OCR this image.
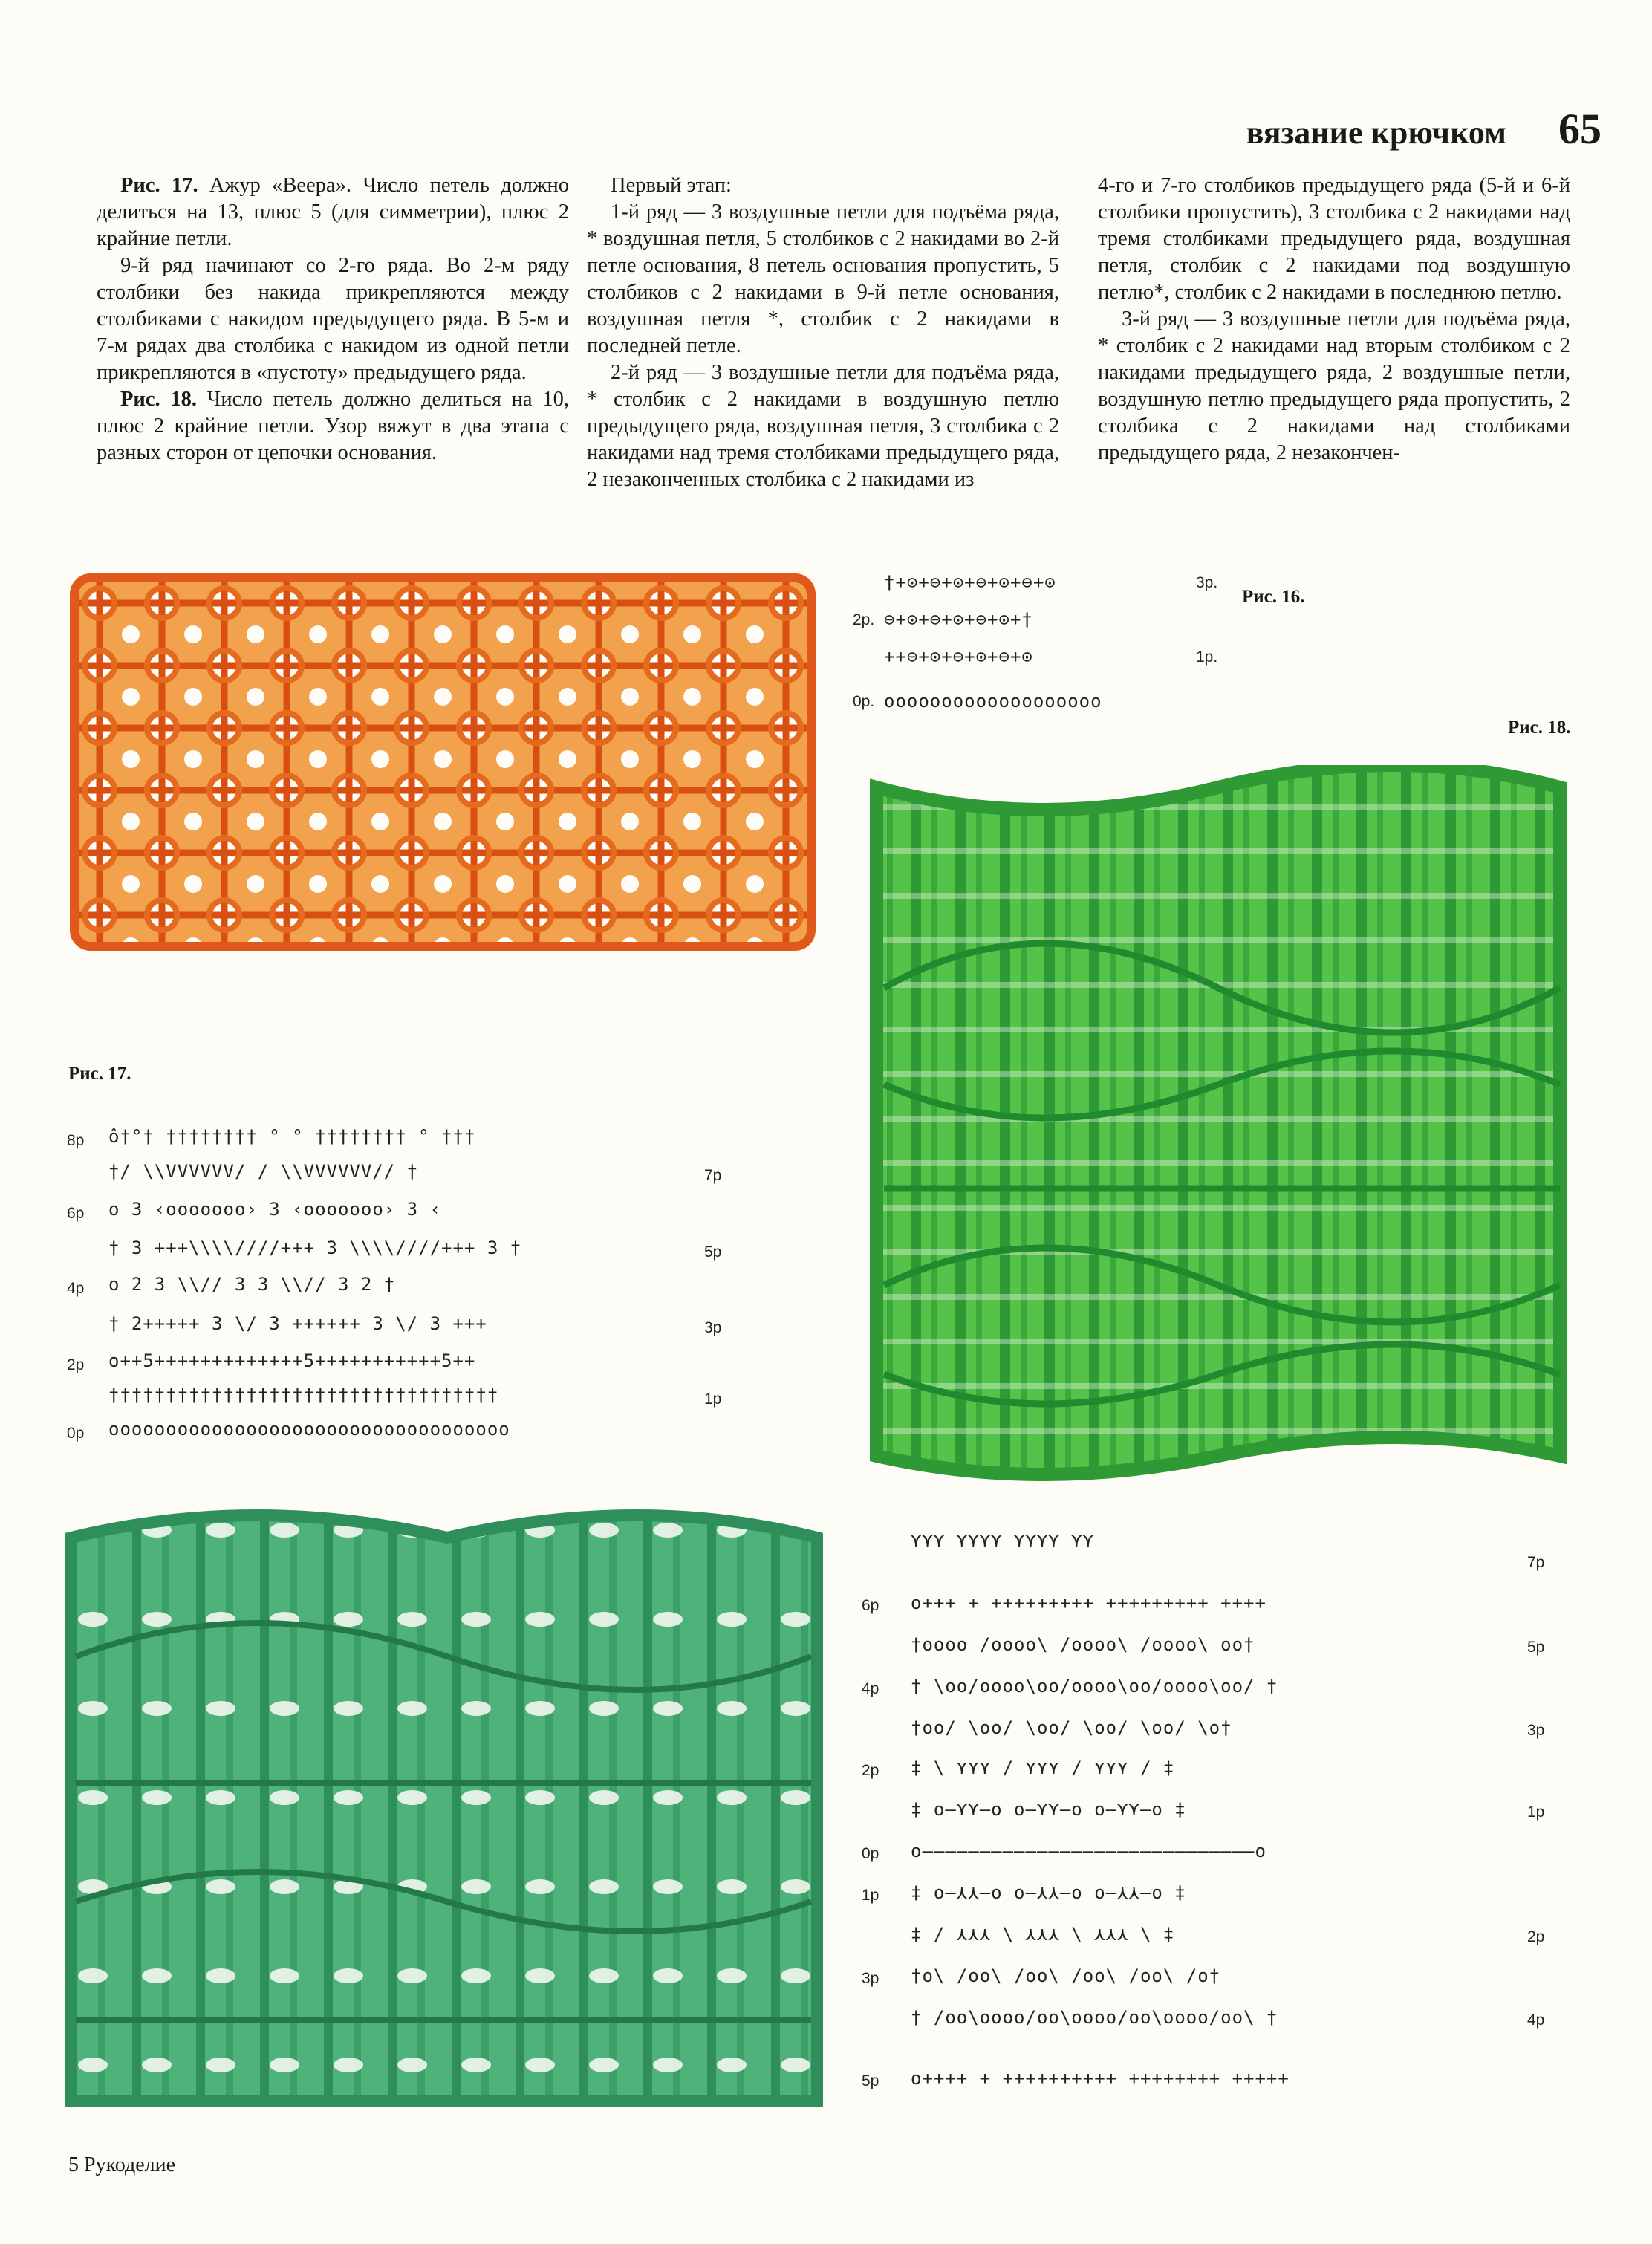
вязание крючком 65

Рис. 17. Ажур «Веера». Число петель должно делиться на 13, плюс 5 (для симметрии), плюс 2 крайние петли.

9-й ряд начинают со 2-го ряда. Во 2-м ряду столбики без накида прикрепляются между столбиками с накидом предыдущего ряда. В 5-м и 7-м рядах два столбика с накидом из одной петли прикрепляются в «пустоту» предыдущего ряда.

Рис. 18. Число петель должно делиться на 10, плюс 2 крайние петли. Узор вяжут в два этапа с разных сторон от цепочки основания.

Первый этап:

1-й ряд — 3 воздушные петли для подъёма ряда, * воздушная петля, 5 столбиков с 2 накидами во 2-й петле основания, 8 петель основания пропустить, 5 столбиков с 2 накидами в 9-й петле основания, воздушная петля *, столбик с 2 накидами в последней петле.

2-й ряд — 3 воздушные петли для подъёма ряда, * столбик с 2 накидами в воздушную петлю предыдущего ряда, воздушная петля, 3 столбика с 2 накидами над тремя столбиками предыдущего ряда, 2 незаконченных столбика с 2 накидами из

4-го и 7-го столбиков предыдущего ряда (5-й и 6-й столбики пропустить), 3 столбика с 2 накидами над тремя столбиками предыдущего ряда, воздушная петля, столбик с 2 накидами под воздушную петлю*, столбик с 2 накидами в последнюю петлю.

3-й ряд — 3 воздушные петли для подъёма ряда, * столбик с 2 накидами над вторым столбиком с 2 накидами предыдущего ряда, 2 воздушные петли, воздушную петлю предыдущего ряда пропустить, 2 столбика с 2 накидами над столбиками предыдущего ряда, 2 незакончен-

†+⊙+⊖+⊙+⊖+⊙+⊖+⊙	3р.
2р. ⊖+⊙+⊖+⊙+⊖+⊙+†
++⊖+⊙+⊖+⊙+⊖+⊙	1р.
0р. ooooooooooooooooooo
Рис. 16.
Рис. 18.
Рис. 17.
8р ô†°† †††††††† ° ° †††††††† ° †††
†/ \\VVVVVV/ / \\VVVVVV// †	7р
6р o 3 ‹ooooooo› 3 ‹ooooooo› 3 ‹
† 3 +++\\\\////+++ 3 \\\\////+++ 3 †	5р
4р o 2 3 \\// 3 3 \\// 3 2 †
† 2+++++ 3 \/ 3 ++++++ 3 \/ 3 +++	3р
2р o++5+++++++++++++5+++++++++++5++
††††††††††††††††††††††††††††††††††	1р
0р ooooooooooooooooooooooooooooooooooo
⋎⋎⋎ ⋎⋎⋎⋎ ⋎⋎⋎⋎ ⋎⋎
7р
6р o+++ + +++++++++ +++++++++ ++++
†oooo /oooo\ /oooo\ /oooo\ oo†	5р
4р † \oo/oooo\oo/oooo\oo/oooo\oo/ †
†oo/ \oo/ \oo/ \oo/ \oo/ \o†	3р
2р ‡ \ ⋎⋎⋎ / ⋎⋎⋎ / ⋎⋎⋎ / ‡
‡ o—⋎⋎—o o—⋎⋎—o o—⋎⋎—o ‡	1р
0р o—————————————————————————————o
1р ‡ o—⋏⋏—o o—⋏⋏—o o—⋏⋏—o ‡
‡ / ⋏⋏⋏ \ ⋏⋏⋏ \ ⋏⋏⋏ \ ‡	2р
3р †o\ /oo\ /oo\ /oo\ /oo\ /o†
† /oo\oooo/oo\oooo/oo\oooo/oo\ †	4р
5р o++++ + ++++++++++ ++++++++ +++++
5 Рукоделие
